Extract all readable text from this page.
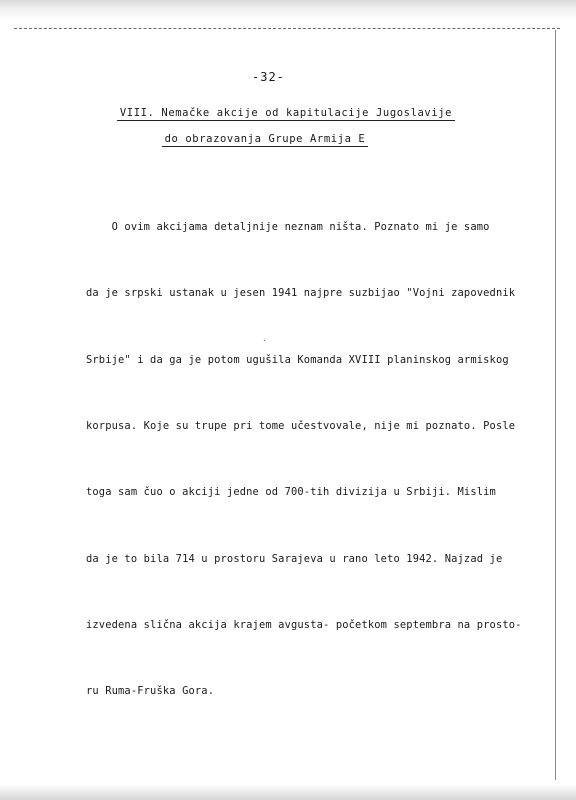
-32-
VIII. Nemačke akcije od kapitulacije Jugoslavije
do obrazovanja Grupe Armija E

O ovim akcijama detaljnije neznam ništa. Poznato mi je samo

da je srpski ustanak u jesen 1941 najpre suzbijao "Vojni zapovednik

Srbije" i da ga je potom ugušila Komanda XVIII planinskog armiskog

korpusa. Koje su trupe pri tome učestvovale, nije mi poznato. Posle

toga sam čuo o akciji jedne od 700-tih divizija u Srbiji. Mislim

da je to bila 714 u prostoru Sarajeva u rano leto 1942. Najzad je

izvedena slična akcija krajem avgusta- početkom septembra na prosto-

ru Ruma-Fruška Gora.

·
